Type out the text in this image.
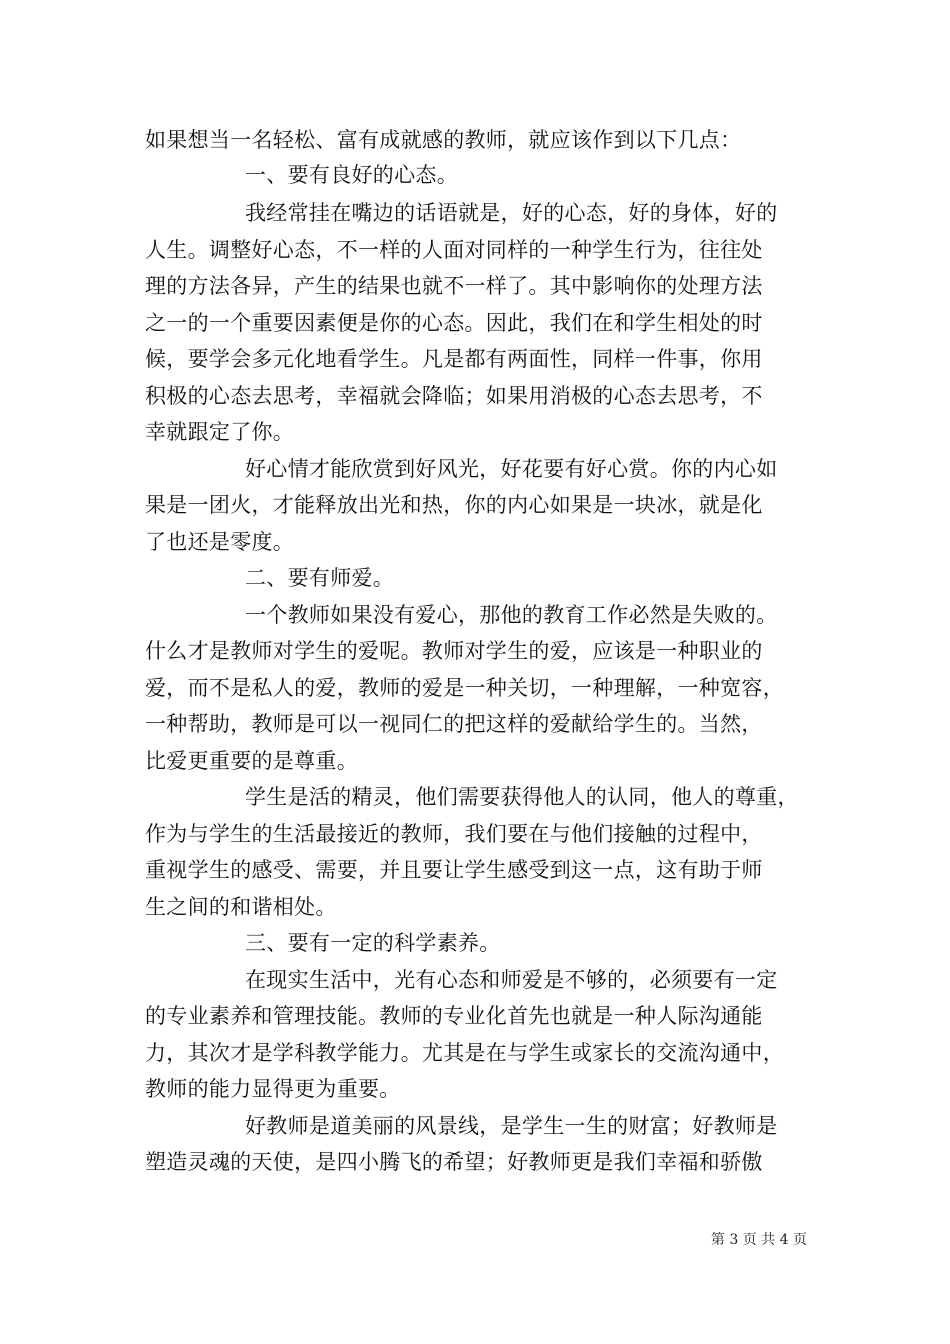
如果想当一名轻松、富有成就感的教师，就应该作到以下几点：
一、要有良好的心态。
我经常挂在嘴边的话语就是，好的心态，好的身体，好的
人生。调整好心态，不一样的人面对同样的一种学生行为，往往处
理的方法各异，产生的结果也就不一样了。其中影响你的处理方法
之一的一个重要因素便是你的心态。因此，我们在和学生相处的时
候，要学会多元化地看学生。凡是都有两面性，同样一件事，你用
积极的心态去思考，幸福就会降临；如果用消极的心态去思考，不
幸就跟定了你。
好心情才能欣赏到好风光，好花要有好心赏。你的内心如
果是一团火，才能释放出光和热，你的内心如果是一块冰，就是化
了也还是零度。
二、要有师爱。
一个教师如果没有爱心，那他的教育工作必然是失败的。
什么才是教师对学生的爱呢。教师对学生的爱，应该是一种职业的
爱，而不是私人的爱，教师的爱是一种关切，一种理解，一种宽容，
一种帮助，教师是可以一视同仁的把这样的爱献给学生的。当然，
比爱更重要的是尊重。
学生是活的精灵，他们需要获得他人的认同，他人的尊重，
作为与学生的生活最接近的教师，我们要在与他们接触的过程中，
重视学生的感受、需要，并且要让学生感受到这一点，这有助于师
生之间的和谐相处。
三、要有一定的科学素养。
在现实生活中，光有心态和师爱是不够的，必须要有一定
的专业素养和管理技能。教师的专业化首先也就是一种人际沟通能
力，其次才是学科教学能力。尤其是在与学生或家长的交流沟通中，
教师的能力显得更为重要。
好教师是道美丽的风景线，是学生一生的财富；好教师是
塑造灵魂的天使，是四小腾飞的希望；好教师更是我们幸福和骄傲
第 3 页 共 4 页
